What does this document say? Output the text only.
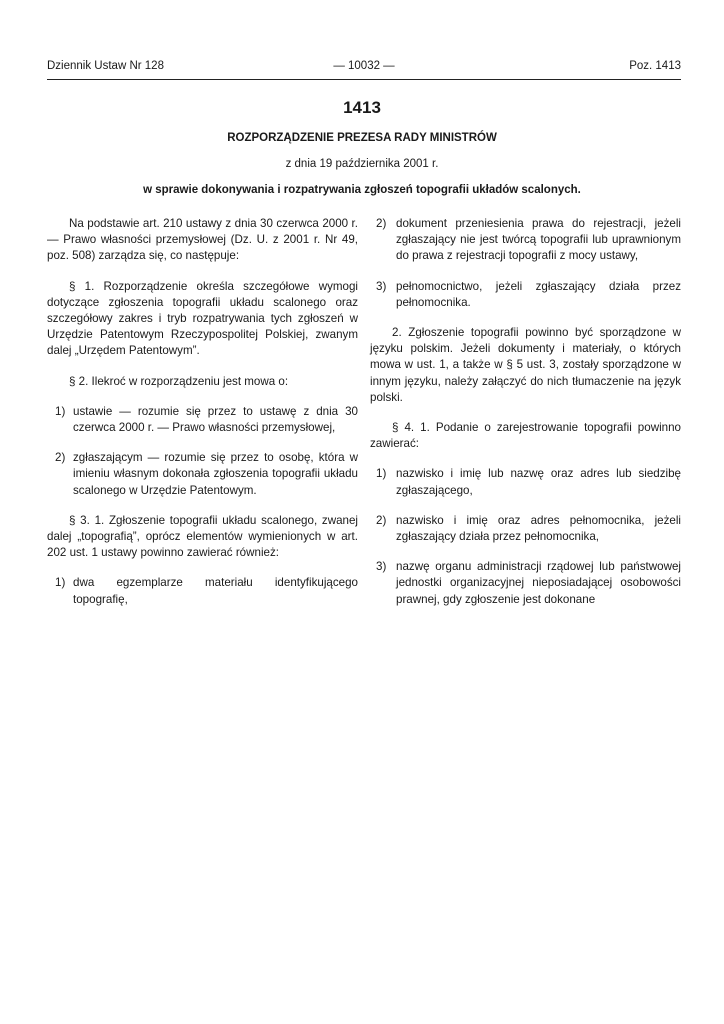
Dziennik Ustaw Nr 128	— 10032 —	Poz. 1413
1413
ROZPORZĄDZENIE PREZESA RADY MINISTRÓW
z dnia 19 października 2001 r.
w sprawie dokonywania i rozpatrywania zgłoszeń topografii układów scalonych.

Na podstawie art. 210 ustawy z dnia 30 czerwca 2000 r. — Prawo własności przemysłowej (Dz. U. z 2001 r. Nr 49, poz. 508) zarządza się, co następuje:

§ 1. Rozporządzenie określa szczegółowe wymogi dotyczące zgłoszenia topografii układu scalonego oraz szczegółowy zakres i tryb rozpatrywania tych zgłoszeń w Urzędzie Patentowym Rzeczypospolitej Polskiej, zwanym dalej „Urzędem Patentowym”.

§ 2. Ilekroć w rozporządzeniu jest mowa o:

1) ustawie — rozumie się przez to ustawę z dnia 30 czerwca 2000 r. — Prawo własności przemysłowej,
2) zgłaszającym — rozumie się przez to osobę, która w imieniu własnym dokonała zgłoszenia topografii układu scalonego w Urzędzie Patentowym.

§ 3. 1. Zgłoszenie topografii układu scalonego, zwanej dalej „topografią”, oprócz elementów wymienionych w art. 202 ust. 1 ustawy powinno zawierać również:

1) dwa egzemplarze materiału identyfikującego topografię,
2) dokument przeniesienia prawa do rejestracji, jeżeli zgłaszający nie jest twórcą topografii lub uprawnionym do prawa z rejestracji topografii z mocy ustawy,
3) pełnomocnictwo, jeżeli zgłaszający działa przez pełnomocnika.

2. Zgłoszenie topografii powinno być sporządzone w języku polskim. Jeżeli dokumenty i materiały, o których mowa w ust. 1, a także w § 5 ust. 3, zostały sporządzone w innym języku, należy załączyć do nich tłumaczenie na język polski.

§ 4. 1. Podanie o zarejestrowanie topografii powinno zawierać:

1) nazwisko i imię lub nazwę oraz adres lub siedzibę zgłaszającego,
2) nazwisko i imię oraz adres pełnomocnika, jeżeli zgłaszający działa przez pełnomocnika,
3) nazwę organu administracji rządowej lub państwowej jednostki organizacyjnej nieposiadającej osobowości prawnej, gdy zgłoszenie jest dokonane
